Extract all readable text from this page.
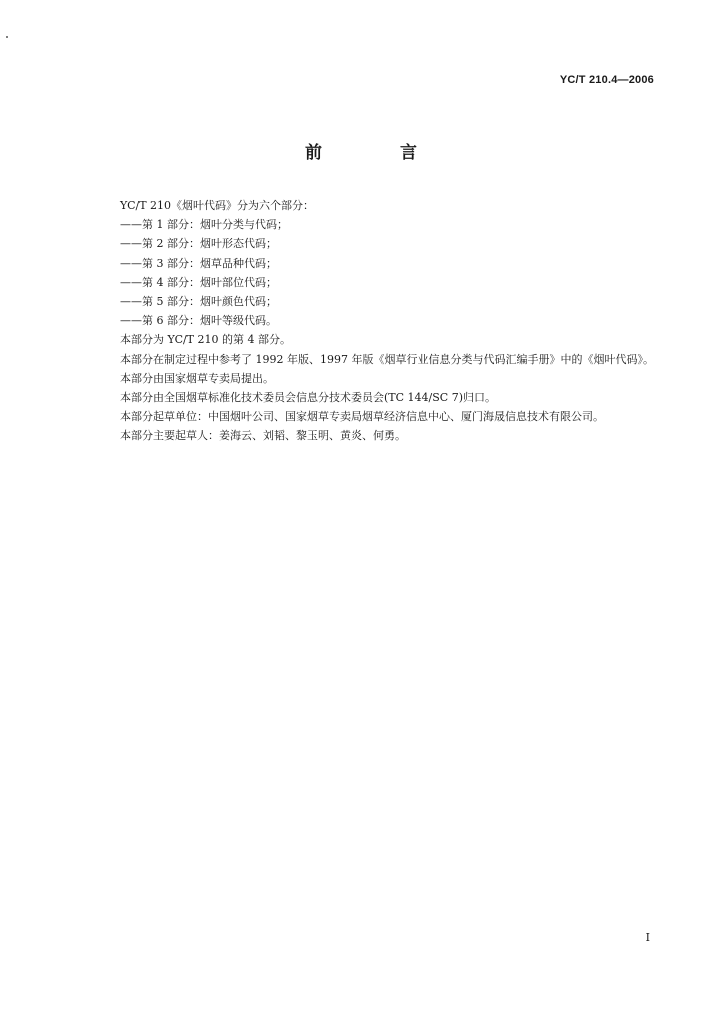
YC/T 210.4—2006
前 言
YC/T 210《烟叶代码》分为六个部分：
——第 1 部分：烟叶分类与代码；
——第 2 部分：烟叶形态代码；
——第 3 部分：烟草品种代码；
——第 4 部分：烟叶部位代码；
——第 5 部分：烟叶颜色代码；
——第 6 部分：烟叶等级代码。
本部分为 YC/T 210 的第 4 部分。
本部分在制定过程中参考了 1992 年版、1997 年版《烟草行业信息分类与代码汇编手册》中的《烟叶代码》。
本部分由国家烟草专卖局提出。
本部分由全国烟草标准化技术委员会信息分技术委员会(TC 144/SC 7)归口。
本部分起草单位：中国烟叶公司、国家烟草专卖局烟草经济信息中心、厦门海晟信息技术有限公司。
本部分主要起草人：姜海云、刘韬、黎玉明、黄炎、何勇。
I
